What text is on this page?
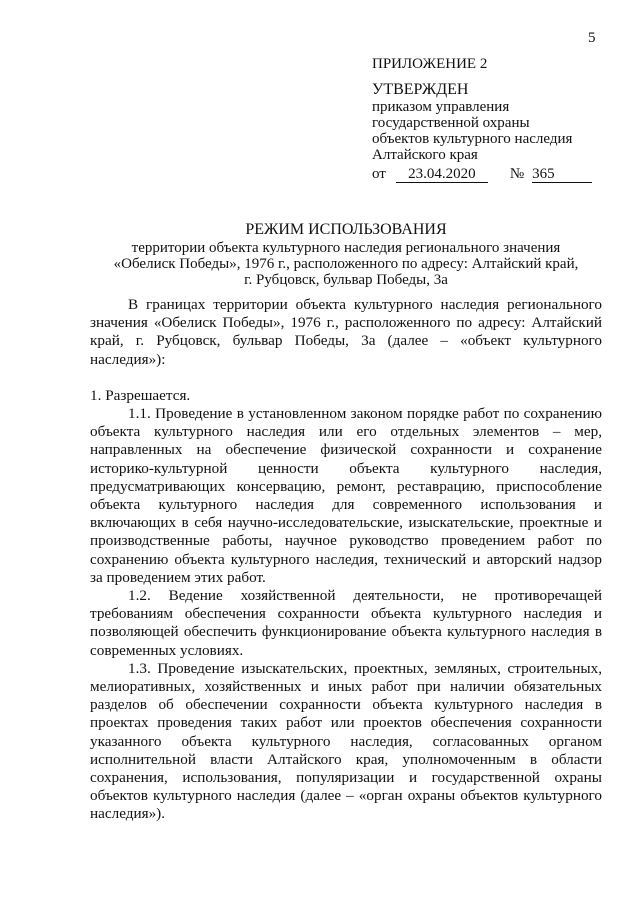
5
ПРИЛОЖЕНИЕ 2
УТВЕРЖДЕН
приказом управления
государственной охраны
объектов культурного наследия
Алтайского края
от 23.04.2020 № 365
РЕЖИМ ИСПОЛЬЗОВАНИЯ
территории объекта культурного наследия регионального значения
«Обелиск Победы», 1976 г., расположенного по адресу: Алтайский край,
г. Рубцовск, бульвар Победы, 3а

В границах территории объекта культурного наследия регионального значения «Обелиск Победы», 1976 г., расположенного по адресу: Алтайский край, г. Рубцовск, бульвар Победы, 3а (далее – «объект культурного наследия»):

1. Разрешается.

1.1. Проведение в установленном законом порядке работ по сохранению объекта культурного наследия или его отдельных элементов – мер, направленных на обеспечение физической сохранности и сохранение историко-культурной ценности объекта культурного наследия, предусматривающих консервацию, ремонт, реставрацию, приспособление объекта культурного наследия для современного использования и включающих в себя научно-исследовательские, изыскательские, проектные и производственные работы, научное руководство проведением работ по сохранению объекта культурного наследия, технический и авторский надзор за проведением этих работ.

1.2. Ведение хозяйственной деятельности, не противоречащей требованиям обеспечения сохранности объекта культурного наследия и позволяющей обеспечить функционирование объекта культурного наследия в современных условиях.

1.3. Проведение изыскательских, проектных, земляных, строительных, мелиоративных, хозяйственных и иных работ при наличии обязательных разделов об обеспечении сохранности объекта культурного наследия в проектах проведения таких работ или проектов обеспечения сохранности указанного объекта культурного наследия, согласованных органом исполнительной власти Алтайского края, уполномоченным в области сохранения, использования, популяризации и государственной охраны объектов культурного наследия (далее – «орган охраны объектов культурного наследия»).
